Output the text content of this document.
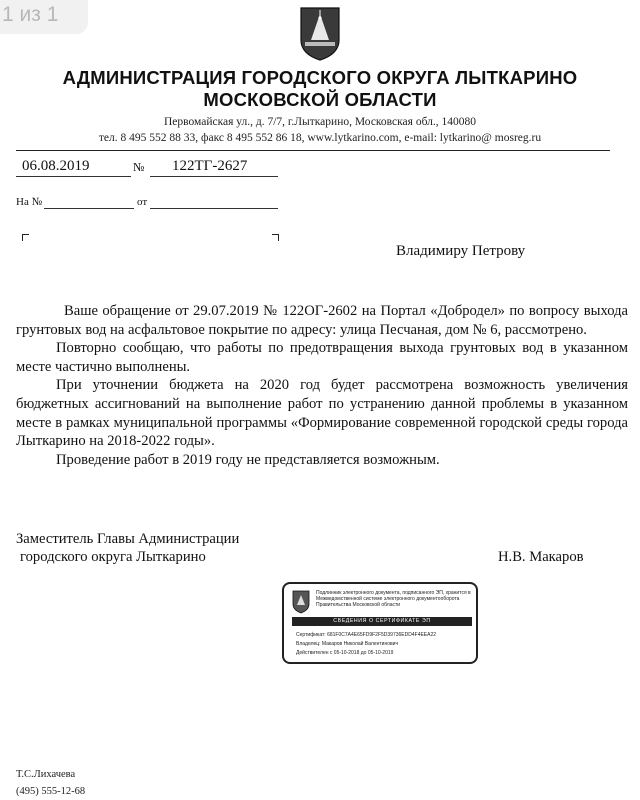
1 из 1
АДМИНИСТРАЦИЯ ГОРОДСКОГО ОКРУГА ЛЫТКАРИНО
МОСКОВСКОЙ ОБЛАСТИ
Первомайская ул., д. 7/7, г.Лыткарино, Московская обл., 140080
тел. 8 495 552 88 33, факс 8 495 552 86 18, www.lytkarino.com, e-mail: lytkarino@ mosreg.ru
06.08.2019	№ 122ТГ-2627
На №	от
Владимиру Петрову

Ваше обращение от 29.07.2019 № 122ОГ-2602 на Портал «Добродел» по вопросу выхода грунтовых вод на асфальтовое покрытие по адресу: улица Песчаная, дом № 6, рассмотрено.

Повторно сообщаю, что работы по предотвращения выхода грунтовых вод в указанном месте частично выполнены.

При уточнении бюджета на 2020 год будет рассмотрена возможность увеличения бюджетных ассигнований на выполнение работ по устранению данной проблемы в указанном месте в рамках муниципальной программы «Формирование современной городской среды города Лыткарино на 2018-2022 годы».

Проведение работ в 2019 году не представляется возможным.

Заместитель Главы Администрации
городского округа Лыткарино	Н.В. Макаров
Подлинник электронного документа, подписанного ЭП, хранится в Межведомственной системе электронного документооборота Правительства Московской области
СВЕДЕНИЯ О СЕРТИФИКАТЕ ЭП
Сертификат: 681F0C7A4E65FD9F2F5D39736EDD4F4EEA22
Владелец: Макаров Николай Валентинович
Действителен с 05-10-2018 до 05-10-2019
Т.С.Лихачева
(495) 555-12-68
